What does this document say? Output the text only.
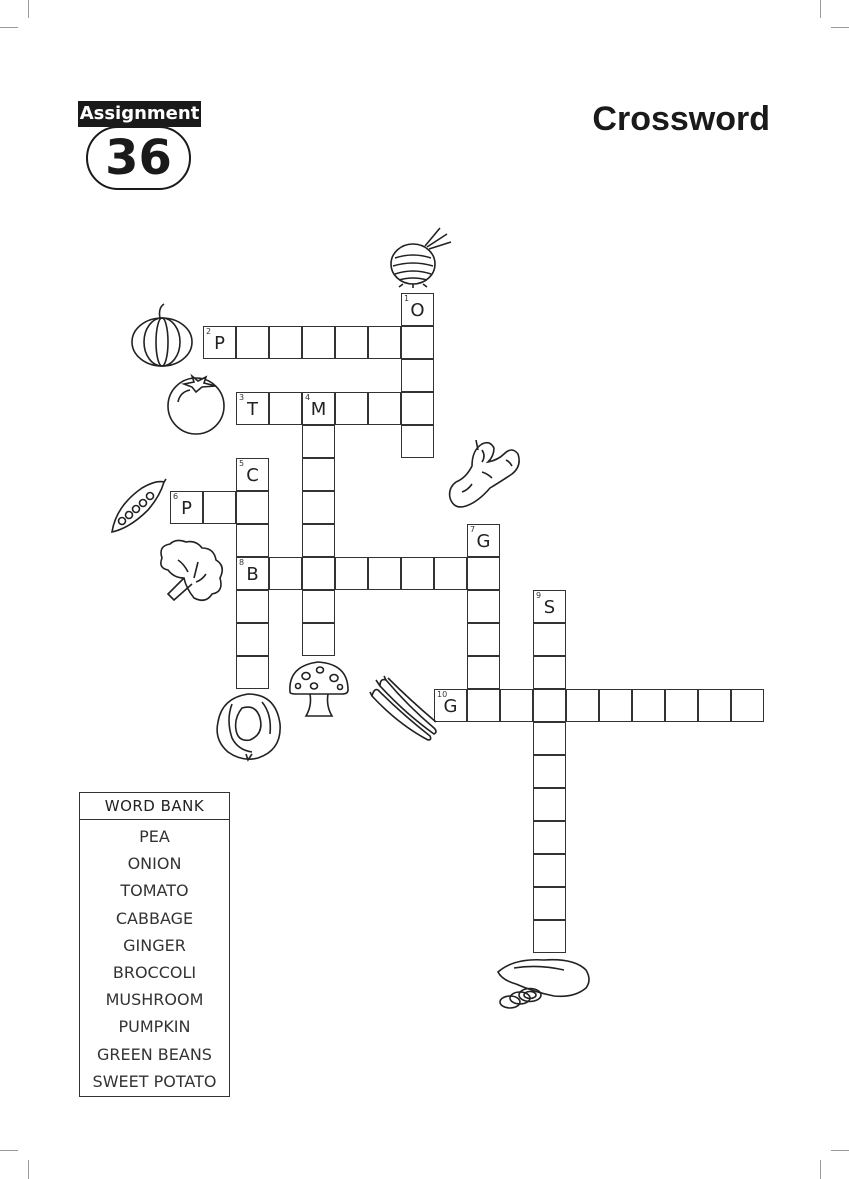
Assignment
36
Crossword
1
O
2
P
3
T
4
M
5
C
8
B
6
P
7
G
9
S
10
G
WORD BANK
PEA
ONION
TOMATO
CABBAGE
GINGER
BROCCOLI
MUSHROOM
PUMPKIN
GREEN BEANS
SWEET POTATO
